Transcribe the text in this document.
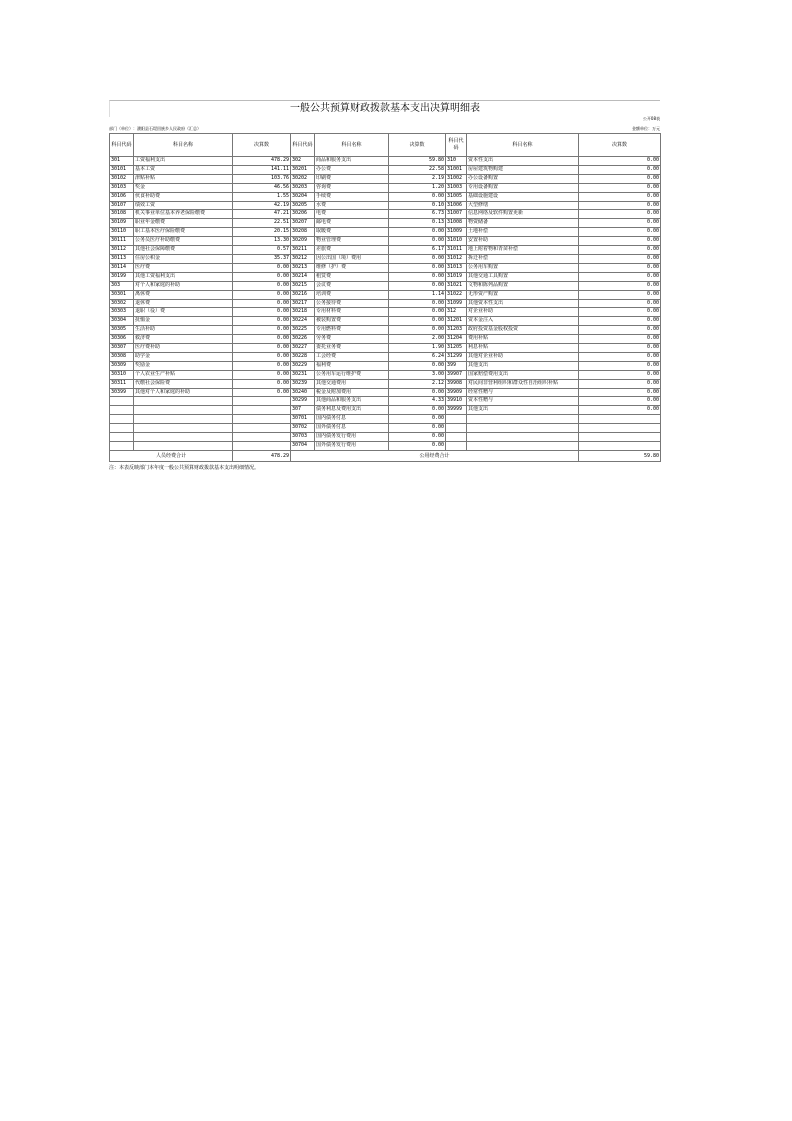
一般公共预算财政拨款基本支出决算明细表
公开08表
部门（单位）：濮阳县石堤回族乡人民政府（汇总）	金额单位：万元
科目代码	科目名称	决算数	科目代码	科目名称	决算数	科目代码	科目名称	决算数
301	工资福利支出	478.29	302	商品和服务支出	59.80	310	资本性支出	0.00
30101	基本工资	141.11	30201	办公费	22.58	31001	房屋建筑物购建	0.00
30102	津贴补贴	103.76	30202	印刷费	2.19	31002	办公设备购置	0.00
30103	奖金	46.56	30203	咨询费	1.20	31003	专用设备购置	0.00
30106	伙食补助费	1.55	30204	手续费	0.00	31005	基础设施建设	0.00
30107	绩效工资	42.19	30205	水费	0.10	31006	大型修缮	0.00
30108	机关事业单位基本养老保险缴费	47.21	30206	电费	6.73	31007	信息网络及软件购置更新	0.00
30109	职业年金缴费	22.51	30207	邮电费	0.13	31008	物资储备	0.00
30110	职工基本医疗保险缴费	20.15	30208	取暖费	0.00	31009	土地补偿	0.00
30111	公务员医疗补助缴费	13.30	30209	物业管理费	0.00	31010	安置补助	0.00
30112	其他社会保障缴费	0.57	30211	差旅费	6.17	31011	地上附着物和青苗补偿	0.00
30113	住房公积金	35.37	30212	因公出国（境）费用	0.00	31012	拆迁补偿	0.00
30114	医疗费	0.00	30213	维修（护）费	0.00	31013	公务用车购置	0.00
30199	其他工资福利支出	0.00	30214	租赁费	0.00	31019	其他交通工具购置	0.00
303	对个人和家庭的补助	0.00	30215	会议费	0.00	31021	文物和陈列品购置	0.00
30301	离休费	0.00	30216	培训费	1.14	31022	无形资产购置	0.00
30302	退休费	0.00	30217	公务接待费	0.00	31099	其他资本性支出	0.00
30303	退职（役）费	0.00	30218	专用材料费	0.00	312	对企业补助	0.00
30304	抚恤金	0.00	30224	被装购置费	0.00	31201	资本金注入	0.00
30305	生活补助	0.00	30225	专用燃料费	0.00	31203	政府投资基金股权投资	0.00
30306	救济费	0.00	30226	劳务费	2.00	31204	费用补贴	0.00
30307	医疗费补助	0.00	30227	委托业务费	1.90	31205	利息补贴	0.00
30308	助学金	0.00	30228	工会经费	6.24	31299	其他对企业补助	0.00
30309	奖励金	0.00	30229	福利费	0.00	399	其他支出	0.00
30310	个人农业生产补贴	0.00	30231	公务用车运行维护费	3.00	39907	国家赔偿费用支出	0.00
30311	代缴社会保险费	0.00	30239	其他交通费用	2.12	39908	对民间非营利组织和群众性自治组织补贴	0.00
30399	其他对个人和家庭的补助	0.00	30240	税金及附加费用	0.00	39909	经常性赠与	0.00
			30299	其他商品和服务支出	4.33	39910	资本性赠与	0.00
			307	债务利息及费用支出	0.00	39999	其他支出	0.00
			30701	国内债务付息	0.00			
			30702	国外债务付息	0.00			
			30703	国内债务发行费用	0.00			
			30704	国外债务发行费用	0.00			
人员经费合计		478.29	公用经费合计					59.80
注：本表反映部门本年度一般公共预算财政拨款基本支出明细情况。
